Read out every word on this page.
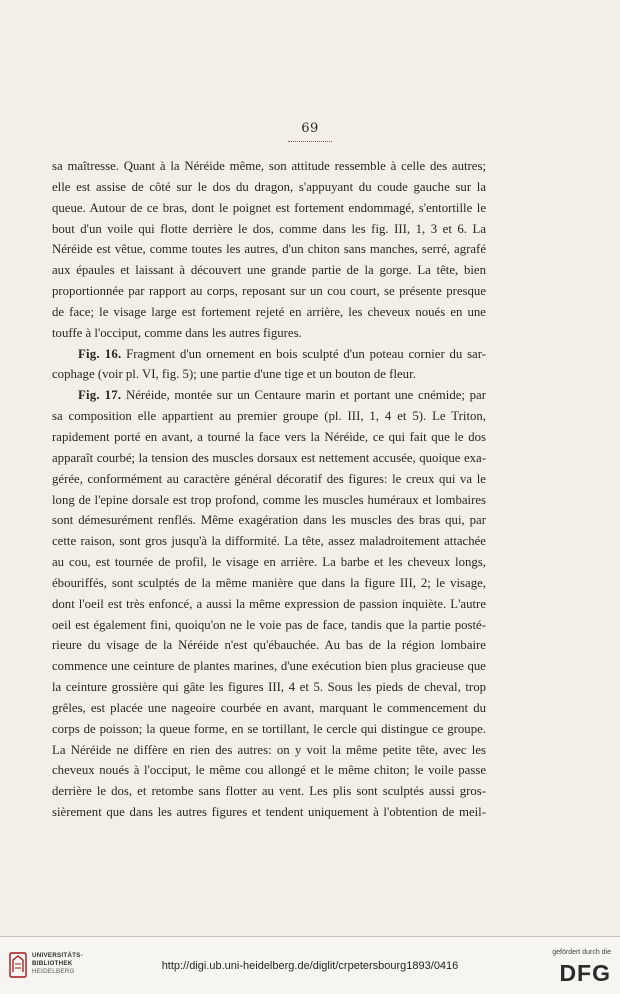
69

sa maîtresse. Quant à la Néréide même, son attitude ressemble à celle des autres;

elle est assise de côté sur le dos du dragon, s'appuyant du coude gauche sur la

queue. Autour de ce bras, dont le poignet est fortement endommagé, s'entortille le

bout d'un voile qui flotte derrière le dos, comme dans les fig. III, 1, 3 et 6. La

Néréide est vêtue, comme toutes les autres, d'un chiton sans manches, serré, agrafé

aux épaules et laissant à découvert une grande partie de la gorge. La tête, bien

proportionnée par rapport au corps, reposant sur un cou court, se présente presque

de face; le visage large est fortement rejeté en arrière, les cheveux noués en une

touffe à l'occiput, comme dans les autres figures.

Fig. 16. Fragment d'un ornement en bois sculpté d'un poteau cornier du sar-

cophage (voir pl. VI, fig. 5); une partie d'une tige et un bouton de fleur.

Fig. 17. Néréide, montée sur un Centaure marin et portant une cnémide; par

sa composition elle appartient au premier groupe (pl. III, 1, 4 et 5). Le Triton,

rapidement porté en avant, a tourné la face vers la Néréide, ce qui fait que le dos

apparaît courbé; la tension des muscles dorsaux est nettement accusée, quoique exa-

gérée, conformément au caractère général décoratif des figures: le creux qui va le

long de l'epine dorsale est trop profond, comme les muscles huméraux et lombaires

sont démesurément renflés. Même exagération dans les muscles des bras qui, par

cette raison, sont gros jusqu'à la difformité. La tête, assez maladroitement attachée

au cou, est tournée de profil, le visage en arrière. La barbe et les cheveux longs,

ébouriffés, sont sculptés de la même manière que dans la figure III, 2; le visage,

dont l'oeil est très enfoncé, a aussi la même expression de passion inquiète. L'autre

oeil est également fini, quoiqu'on ne le voie pas de face, tandis que la partie posté-

rieure du visage de la Néréide n'est qu'ébauchée. Au bas de la région lombaire

commence une ceinture de plantes marines, d'une exécution bien plus gracieuse que

la ceinture grossière qui gâte les figures III, 4 et 5. Sous les pieds de cheval, trop

grêles, est placée une nageoire courbée en avant, marquant le commencement du

corps de poisson; la queue forme, en se tortillant, le cercle qui distingue ce groupe.

La Néréide ne diffère en rien des autres: on y voit la même petite tête, avec les

cheveux noués à l'occiput, le même cou allongé et le même chiton; le voile passe

derrière le dos, et retombe sans flotter au vent. Les plis sont sculptés aussi gros-

sièrement que dans les autres figures et tendent uniquement à l'obtention de meil-

UNIVERSITÄTS-
BIBLIOTHEK
HEIDELBERG	http://digi.ub.uni-heidelberg.de/diglit/crpetersbourg1893/0416
gefördert durch die
DFG
